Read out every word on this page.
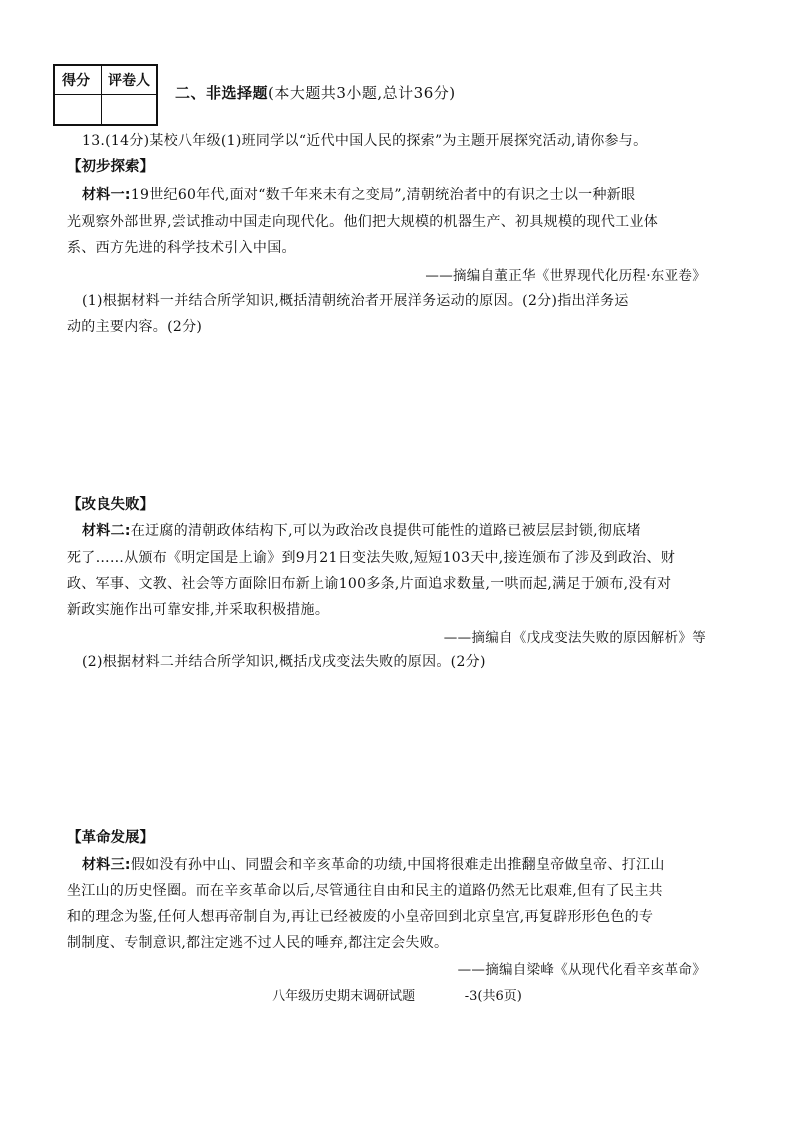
得分 评卷人
二、非选择题(本大题共3小题,总计36分)
13.(14分)某校八年级(1)班同学以“近代中国人民的探索”为主题开展探究活动,请你参与。
【初步探索】
材料一:19世纪60年代,面对“数千年来未有之变局”,清朝统治者中的有识之士以一种新眼
光观察外部世界,尝试推动中国走向现代化。他们把大规模的机器生产、初具规模的现代工业体
系、西方先进的科学技术引入中国。
——摘编自董正华《世界现代化历程·东亚卷》
(1)根据材料一并结合所学知识,概括清朝统治者开展洋务运动的原因。(2分)指出洋务运
动的主要内容。(2分)
【改良失败】
材料二:在迂腐的清朝政体结构下,可以为政治改良提供可能性的道路已被层层封锁,彻底堵
死了……从颁布《明定国是上谕》到9月21日变法失败,短短103天中,接连颁布了涉及到政治、财
政、军事、文教、社会等方面除旧布新上谕100多条,片面追求数量,一哄而起,满足于颁布,没有对
新政实施作出可靠安排,并采取积极措施。
——摘编自《戊戌变法失败的原因解析》等
(2)根据材料二并结合所学知识,概括戊戌变法失败的原因。(2分)
【革命发展】
材料三:假如没有孙中山、同盟会和辛亥革命的功绩,中国将很难走出推翻皇帝做皇帝、打江山
坐江山的历史怪圈。而在辛亥革命以后,尽管通往自由和民主的道路仍然无比艰难,但有了民主共
和的理念为鉴,任何人想再帝制自为,再让已经被废的小皇帝回到北京皇宫,再复辟形形色色的专
制制度、专制意识,都注定逃不过人民的唾弃,都注定会失败。
——摘编自梁峰《从现代化看辛亥革命》
八年级历史期末调研试题	-3(共6页)
